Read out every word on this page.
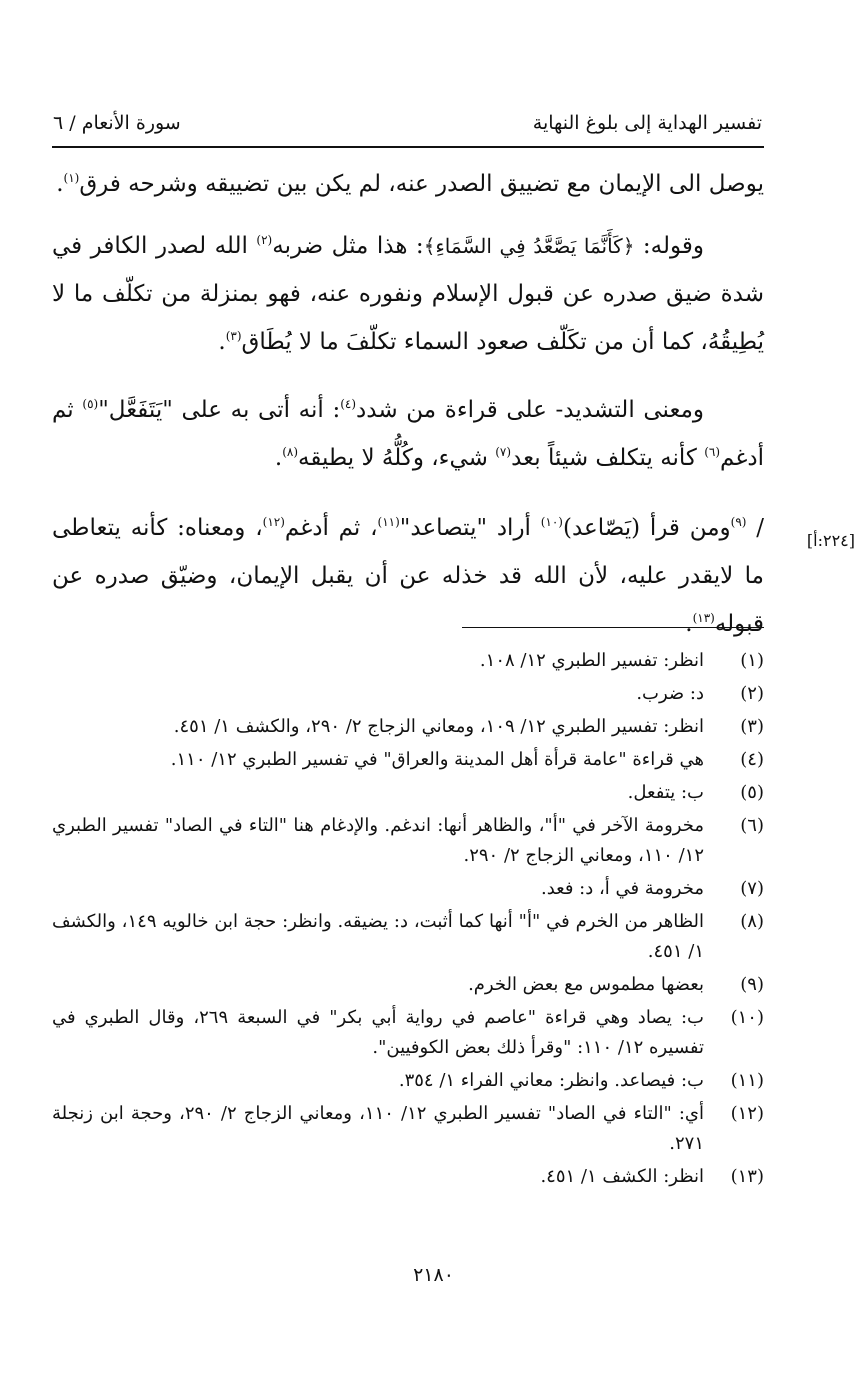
تفسير الهداية إلى بلوغ النهاية
سورة الأنعام / ٦

يوصل الى الإيمان مع تضييق الصدر عنه، لم يكن بين تضييقه وشرحه فرق$^{(١)}$.

وقوله: ﴿كَأَنَّمَا يَصَّعَّدُ فِي السَّمَاءِ﴾: هذا مثل ضربه$^{(٢)}$ الله لصدر الكافر في شدة ضيق صدره عن قبول الإسلام ونفوره عنه، فهو بمنزلة من تكلّف ما لا يُطِيقُهُ، كما أن من تكَلّف صعود السماء تكلّفَ ما لا يُطَاق$^{(٣)}$.

ومعنى التشديد- على قراءة من شدد$^{(٤)}$: أنه أتى به على "يَتَفَعَّل"$^{(٥)}$ ثم أدغم$^{(٦)}$ كأنه يتكلف شيئاً بعد$^{(٧)}$ شيء، وكُلُّهُ لا يطيقه$^{(٨)}$.

/ $^{(٩)}$ومن قرأ (يَصّاعد)$^{(١٠)}$ أراد "يتصاعد"$^{(١١)}$، ثم أدغم$^{(١٢)}$، ومعناه: كأنه يتعاطى ما لايقدر عليه، لأن الله قد خذله عن أن يقبل الإيمان، وضيّق صدره عن قبوله$^{(١٣)}$.

[٢٢٤:أ]
(١)
انظر: تفسير الطبري ١٢/ ١٠٨.
(٢)
د: ضرب.
(٣)
انظر: تفسير الطبري ١٢/ ١٠٩، ومعاني الزجاج ٢/ ٢٩٠، والكشف ١/ ٤٥١.
(٤)
هي قراءة "عامة قرأة أهل المدينة والعراق" في تفسير الطبري ١٢/ ١١٠.
(٥)
ب: يتفعل.
(٦)
مخرومة الآخر في "أ"، والظاهر أنها: اندغم. والإدغام هنا "التاء في الصاد" تفسير الطبري ١٢/ ١١٠، ومعاني الزجاج ٢/ ٢٩٠.
(٧)
مخرومة في أ، د: فعد.
(٨)
الظاهر من الخرم في "أ" أنها كما أثبت، د: يضيقه. وانظر: حجة ابن خالويه ١٤٩، والكشف ١/ ٤٥١.
(٩)
بعضها مطموس مع بعض الخرم.
(١٠)
ب: يصاد وهي قراءة "عاصم في رواية أبي بكر" في السبعة ٢٦٩، وقال الطبري في تفسيره ١٢/ ١١٠: "وقرأ ذلك بعض الكوفيين".
(١١)
ب: فيصاعد. وانظر: معاني الفراء ١/ ٣٥٤.
(١٢)
أي: "التاء في الصاد" تفسير الطبري ١٢/ ١١٠، ومعاني الزجاج ٢/ ٢٩٠، وحجة ابن زنجلة ٢٧١.
(١٣)
انظر: الكشف ١/ ٤٥١.
٢١٨٠
